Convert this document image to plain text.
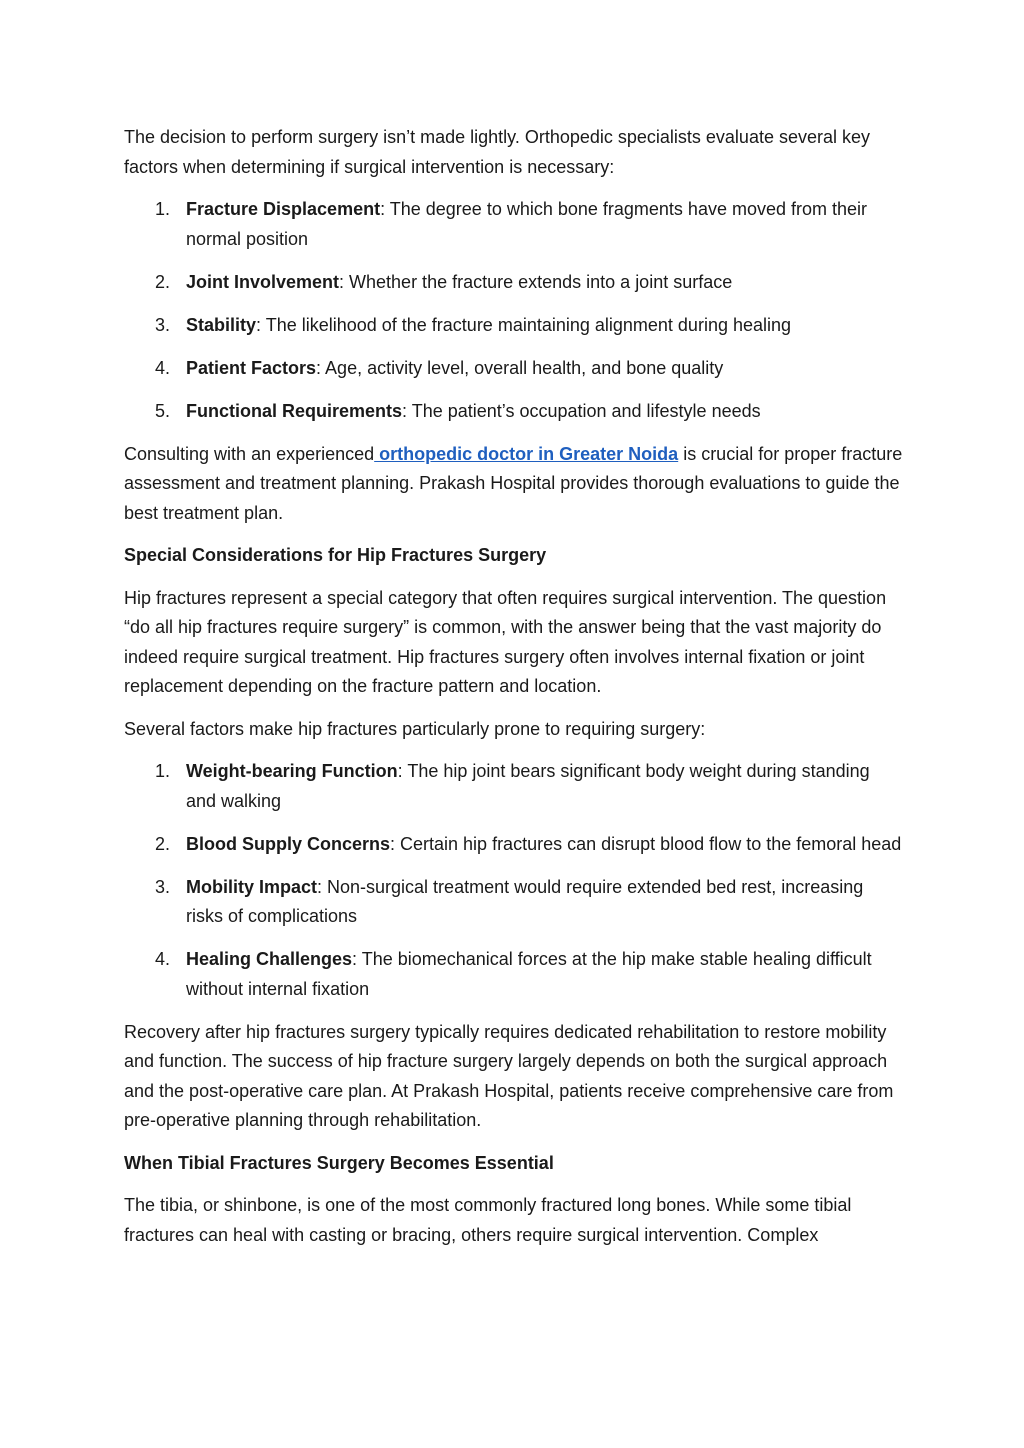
The decision to perform surgery isn’t made lightly. Orthopedic specialists evaluate several key factors when determining if surgical intervention is necessary:

1. Fracture Displacement: The degree to which bone fragments have moved from their normal position
2. Joint Involvement: Whether the fracture extends into a joint surface
3. Stability: The likelihood of the fracture maintaining alignment during healing
4. Patient Factors: Age, activity level, overall health, and bone quality
5. Functional Requirements: The patient’s occupation and lifestyle needs

Consulting with an experienced orthopedic doctor in Greater Noida is crucial for proper fracture assessment and treatment planning. Prakash Hospital provides thorough evaluations to guide the best treatment plan.

Special Considerations for Hip Fractures Surgery

Hip fractures represent a special category that often requires surgical intervention. The question “do all hip fractures require surgery” is common, with the answer being that the vast majority do indeed require surgical treatment. Hip fractures surgery often involves internal fixation or joint replacement depending on the fracture pattern and location.

Several factors make hip fractures particularly prone to requiring surgery:

1. Weight-bearing Function: The hip joint bears significant body weight during standing and walking
2. Blood Supply Concerns: Certain hip fractures can disrupt blood flow to the femoral head
3. Mobility Impact: Non-surgical treatment would require extended bed rest, increasing risks of complications
4. Healing Challenges: The biomechanical forces at the hip make stable healing difficult without internal fixation

Recovery after hip fractures surgery typically requires dedicated rehabilitation to restore mobility and function. The success of hip fracture surgery largely depends on both the surgical approach and the post-operative care plan. At Prakash Hospital, patients receive comprehensive care from pre-operative planning through rehabilitation.

When Tibial Fractures Surgery Becomes Essential

The tibia, or shinbone, is one of the most commonly fractured long bones. While some tibial fractures can heal with casting or bracing, others require surgical intervention. Complex
